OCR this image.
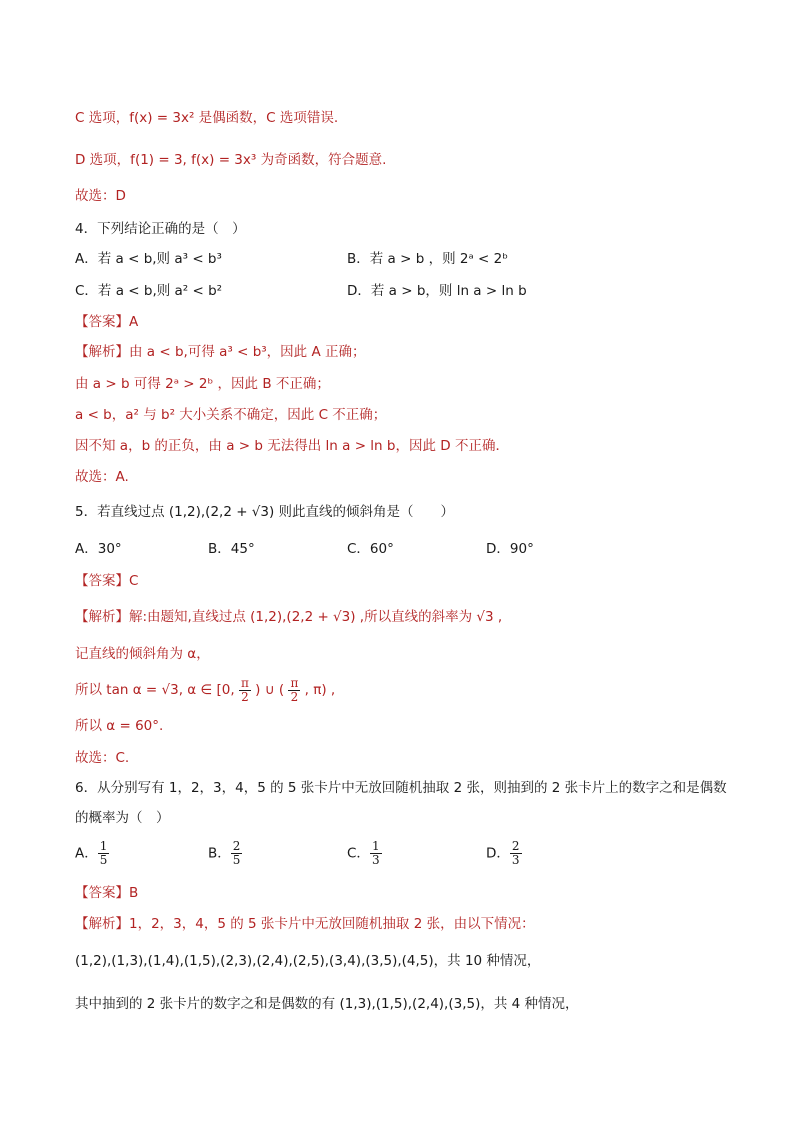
C 选项，f(x) = 3x² 是偶函数，C 选项错误.
D 选项，f(1) = 3, f(x) = 3x³ 为奇函数，符合题意.
故选：D
4．下列结论正确的是（　）
A．若 a < b,则 a³ < b³	B．若 a > b ，则 2ᵃ < 2ᵇ
C．若 a < b,则 a² < b²	D．若 a > b，则 ln a > ln b
【答案】A
【解析】由 a < b,可得 a³ < b³，因此 A 正确；
由 a > b 可得 2ᵃ > 2ᵇ ，因此 B 不正确；
a < b，a² 与 b² 大小关系不确定，因此 C 不正确；
因不知 a，b 的正负，由 a > b 无法得出 ln a > ln b，因此 D 不正确．
故选：A.
5．若直线过点 (1,2),(2,2 + √3) 则此直线的倾斜角是（　　）
A．30°	B．45°	C．60°	D．90°
【答案】C
【解析】解:由题知,直线过点 (1,2),(2,2 + √3) ,所以直线的斜率为 √3 ,
记直线的倾斜角为 α，
所以 tan α = √3, α ∈ [0, $\frac{\pi}{2}$ ) ∪ ( $\frac{\pi}{2}$ , π) ,
所以 α = 60°.
故选：C.
6．从分别写有 1，2，3，4，5 的 5 张卡片中无放回随机抽取 2 张，则抽到的 2 张卡片上的数字之和是偶数
的概率为（　）
A． $\frac{1}{5}$	B． $\frac{2}{5}$	C． $\frac{1}{3}$	D． $\frac{2}{3}$
【答案】B
【解析】1，2，3，4，5 的 5 张卡片中无放回随机抽取 2 张，由以下情况：
(1,2),(1,3),(1,4),(1,5),(2,3),(2,4),(2,5),(3,4),(3,5),(4,5)，共 10 种情况，
其中抽到的 2 张卡片的数字之和是偶数的有 (1,3),(1,5),(2,4),(3,5)，共 4 种情况，
